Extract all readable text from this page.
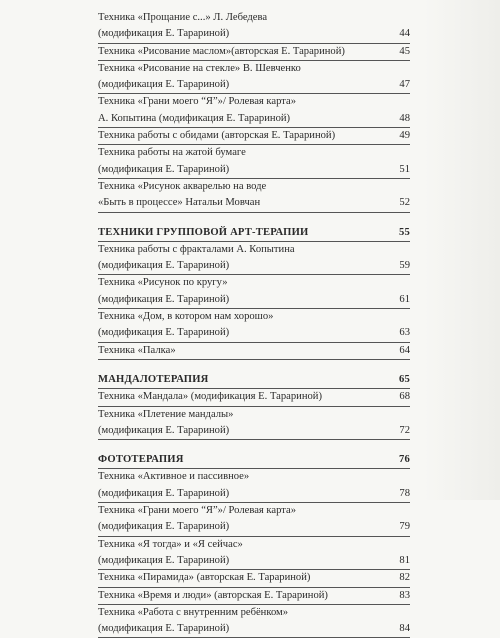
Техника «Прощание с...» Л. Лебедева
(модификация Е. Тарариной)	44
Техника «Рисование маслом»(авторская Е. Тарариной)	45
Техника «Рисование на стекле» В. Шевченко
(модификация Е. Тарариной)	47
Техника «Грани моего “Я”»/ Ролевая карта»
А. Копытина (модификация Е. Тарариной)	48
Техника работы с обидами (авторская Е. Тарариной)	49
Техника работы на жатой бумаге
(модификация Е. Тарариной)	51
Техника «Рисунок акварелью на воде
«Быть в процессе» Натальи Мовчан	52
ТЕХНИКИ ГРУППОВОЙ АРТ-ТЕРАПИИ	55
Техника работы с фракталами А. Копытина
(модификация Е. Тарариной)	59
Техника «Рисунок по кругу»
(модификация Е. Тарариной)	61
Техника «Дом, в котором нам хорошо»
(модификация Е. Тарариной)	63
Техника «Палка»	64
МАНДАЛОТЕРАПИЯ	65
Техника «Мандала» (модификация Е. Тарариной)	68
Техника «Плетение мандалы»
(модификация Е. Тарариной)	72
ФОТОТЕРАПИЯ	76
Техника «Активное и пассивное»
(модификация Е. Тарариной)	78
Техника «Грани моего “Я”»/ Ролевая карта»
(модификация Е. Тарариной)	79
Техника «Я тогда» и «Я сейчас»
(модификация Е. Тарариной)	81
Техника «Пирамида» (авторская Е. Тарариной)	82
Техника «Время и люди» (авторская Е. Тарариной)	83
Техника «Работа с внутренним ребёнком»
(модификация Е. Тарариной)	84
